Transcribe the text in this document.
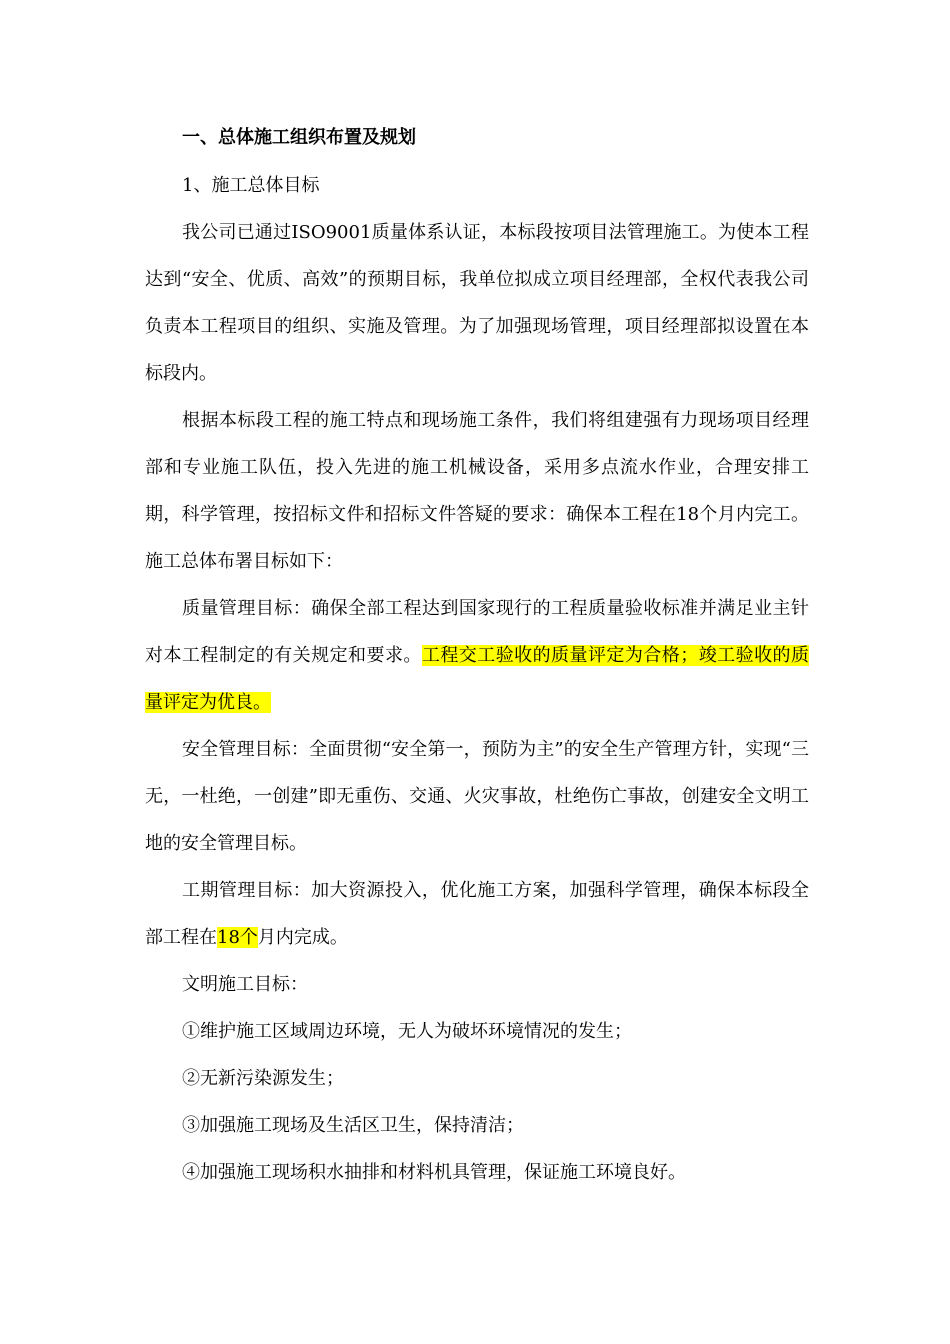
一、总体施工组织布置及规划

1、施工总体目标

我公司已通过ISO9001质量体系认证，本标段按项目法管理施工。为使本工程达到“安全、优质、高效”的预期目标，我单位拟成立项目经理部，全权代表我公司负责本工程项目的组织、实施及管理。为了加强现场管理，项目经理部拟设置在本标段内。

根据本标段工程的施工特点和现场施工条件，我们将组建强有力现场项目经理部和专业施工队伍，投入先进的施工机械设备，采用多点流水作业，合理安排工期，科学管理，按招标文件和招标文件答疑的要求：确保本工程在18个月内完工。施工总体布署目标如下：

质量管理目标：确保全部工程达到国家现行的工程质量验收标准并满足业主针对本工程制定的有关规定和要求。工程交工验收的质量评定为合格；竣工验收的质量评定为优良。

安全管理目标：全面贯彻“安全第一，预防为主”的安全生产管理方针，实现“三无，一杜绝，一创建”即无重伤、交通、火灾事故，杜绝伤亡事故，创建安全文明工地的安全管理目标。

工期管理目标：加大资源投入，优化施工方案，加强科学管理，确保本标段全部工程在18个月内完成。

文明施工目标：

①维护施工区域周边环境，无人为破坏环境情况的发生；

②无新污染源发生；

③加强施工现场及生活区卫生，保持清洁；

④加强施工现场积水抽排和材料机具管理，保证施工环境良好。
